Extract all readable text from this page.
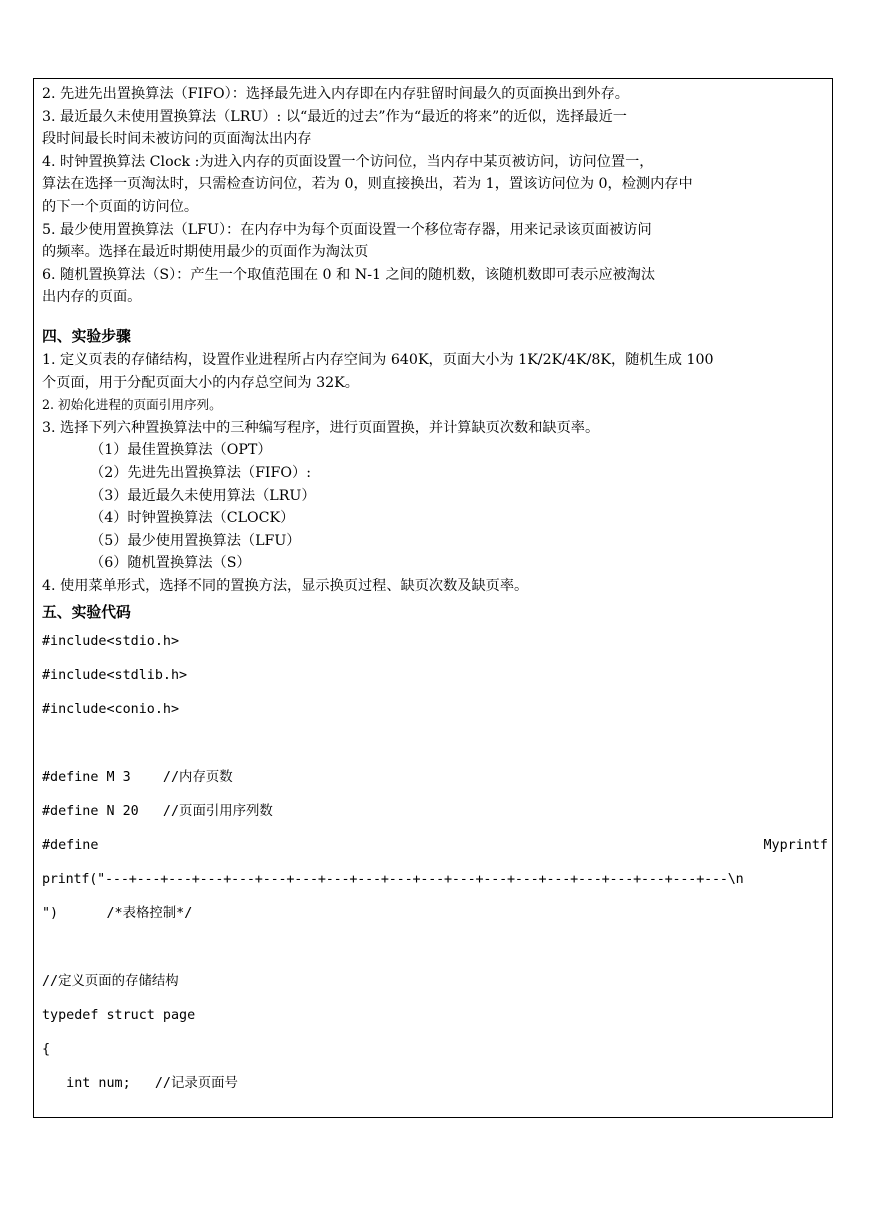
2. 先进先出置换算法（FIFO）：选择最先进入内存即在内存驻留时间最久的页面换出到外存。
3. 最近最久未使用置换算法（LRU）: 以“最近的过去”作为“最近的将来”的近似，选择最近一
段时间最长时间未被访问的页面淘汰出内存
4. 时钟置换算法 Clock :为进入内存的页面设置一个访问位，当内存中某页被访问，访问位置一，
算法在选择一页淘汰时，只需检查访问位，若为 0，则直接换出，若为 1，置该访问位为 0，检测内存中
的下一个页面的访问位。
5. 最少使用置换算法（LFU）：在内存中为每个页面设置一个移位寄存器，用来记录该页面被访问
的频率。选择在最近时期使用最少的页面作为淘汰页
6. 随机置换算法（S）：产生一个取值范围在 0 和 N-1 之间的随机数，该随机数即可表示应被淘汰
出内存的页面。
四、实验步骤
1. 定义页表的存储结构，设置作业进程所占内存空间为 640K，页面大小为 1K/2K/4K/8K，随机生成 100
个页面，用于分配页面大小的内存总空间为 32K。
2. 初始化进程的页面引用序列。
3. 选择下列六种置换算法中的三种编写程序，进行页面置换，并计算缺页次数和缺页率。
（1）最佳置换算法（OPT）
（2）先进先出置换算法（FIFO）:
（3）最近最久未使用算法（LRU）
（4）时钟置换算法（CLOCK）
（5）最少使用置换算法（LFU）
（6）随机置换算法（S）
4. 使用菜单形式，选择不同的置换方法，显示换页过程、缺页次数及缺页率。
五、实验代码
#include<stdio.h>
#include<stdlib.h>
#include<conio.h>
#define M 3    //内存页数
#define N 20   //页面引用序列数
#define	Myprintf
printf("---+---+---+---+---+---+---+---+---+---+---+---+---+---+---+---+---+---+---+---\n
")      /*表格控制*/
//定义页面的存储结构
typedef struct page
{
int num;   //记录页面号
